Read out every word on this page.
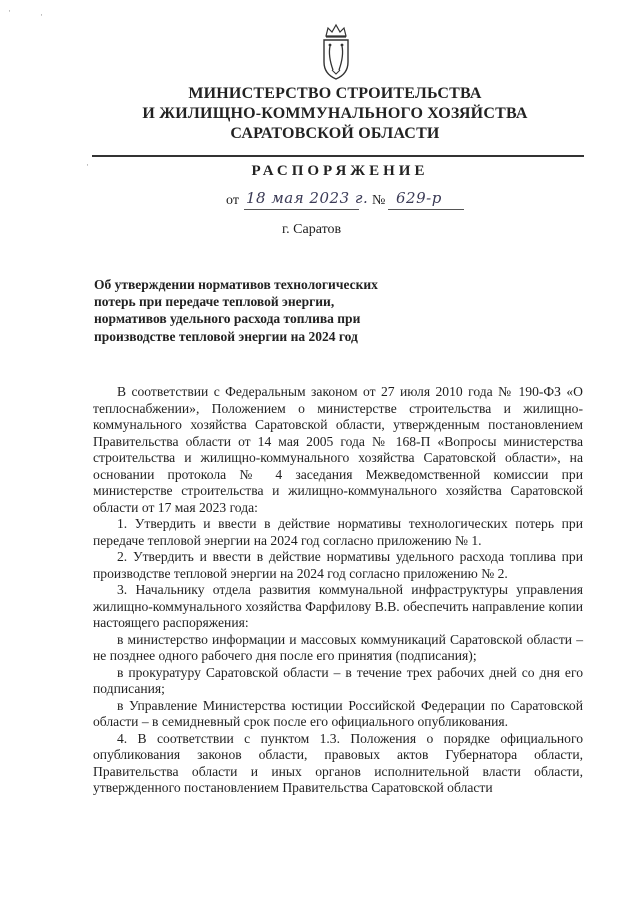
МИНИСТЕРСТВО СТРОИТЕЛЬСТВА
И ЖИЛИЩНО-КОММУНАЛЬНОГО ХОЗЯЙСТВА
САРАТОВСКОЙ ОБЛАСТИ
РАСПОРЯЖЕНИЕ
от 18 мая 2023 г. № 629-р
г. Саратов
Об утверждении нормативов технологических
потерь при передаче тепловой энергии,
нормативов удельного расхода топлива при
производстве тепловой энергии на 2024 год

В соответствии с Федеральным законом от 27 июля 2010 года № 190-ФЗ «О теплоснабжении», Положением о министерстве строительства и жилищно-коммунального хозяйства Саратовской области, утвержденным постановлением Правительства области от 14 мая 2005 года № 168-П «Вопросы министерства строительства и жилищно-коммунального хозяйства Саратовской области», на основании протокола № 4 заседания Межведомственной комиссии при министерстве строительства и жилищно-коммунального хозяйства Саратовской области от 17 мая 2023 года:

1. Утвердить и ввести в действие нормативы технологических потерь при передаче тепловой энергии на 2024 год согласно приложению № 1.

2. Утвердить и ввести в действие нормативы удельного расхода топлива при производстве тепловой энергии на 2024 год согласно приложению № 2.

3. Начальнику отдела развития коммунальной инфраструктуры управления жилищно-коммунального хозяйства Фарфилову В.В. обеспечить направление копии настоящего распоряжения:

в министерство информации и массовых коммуникаций Саратовской области – не позднее одного рабочего дня после его принятия (подписания);

в прокуратуру Саратовской области – в течение трех рабочих дней со дня его подписания;

в Управление Министерства юстиции Российской Федерации по Саратовской области – в семидневный срок после его официального опубликования.

4. В соответствии с пунктом 1.3. Положения о порядке официального опубликования законов области, правовых актов Губернатора области, Правительства области и иных органов исполнительной власти области, утвержденного постановлением Правительства Саратовской области

·	·
·
